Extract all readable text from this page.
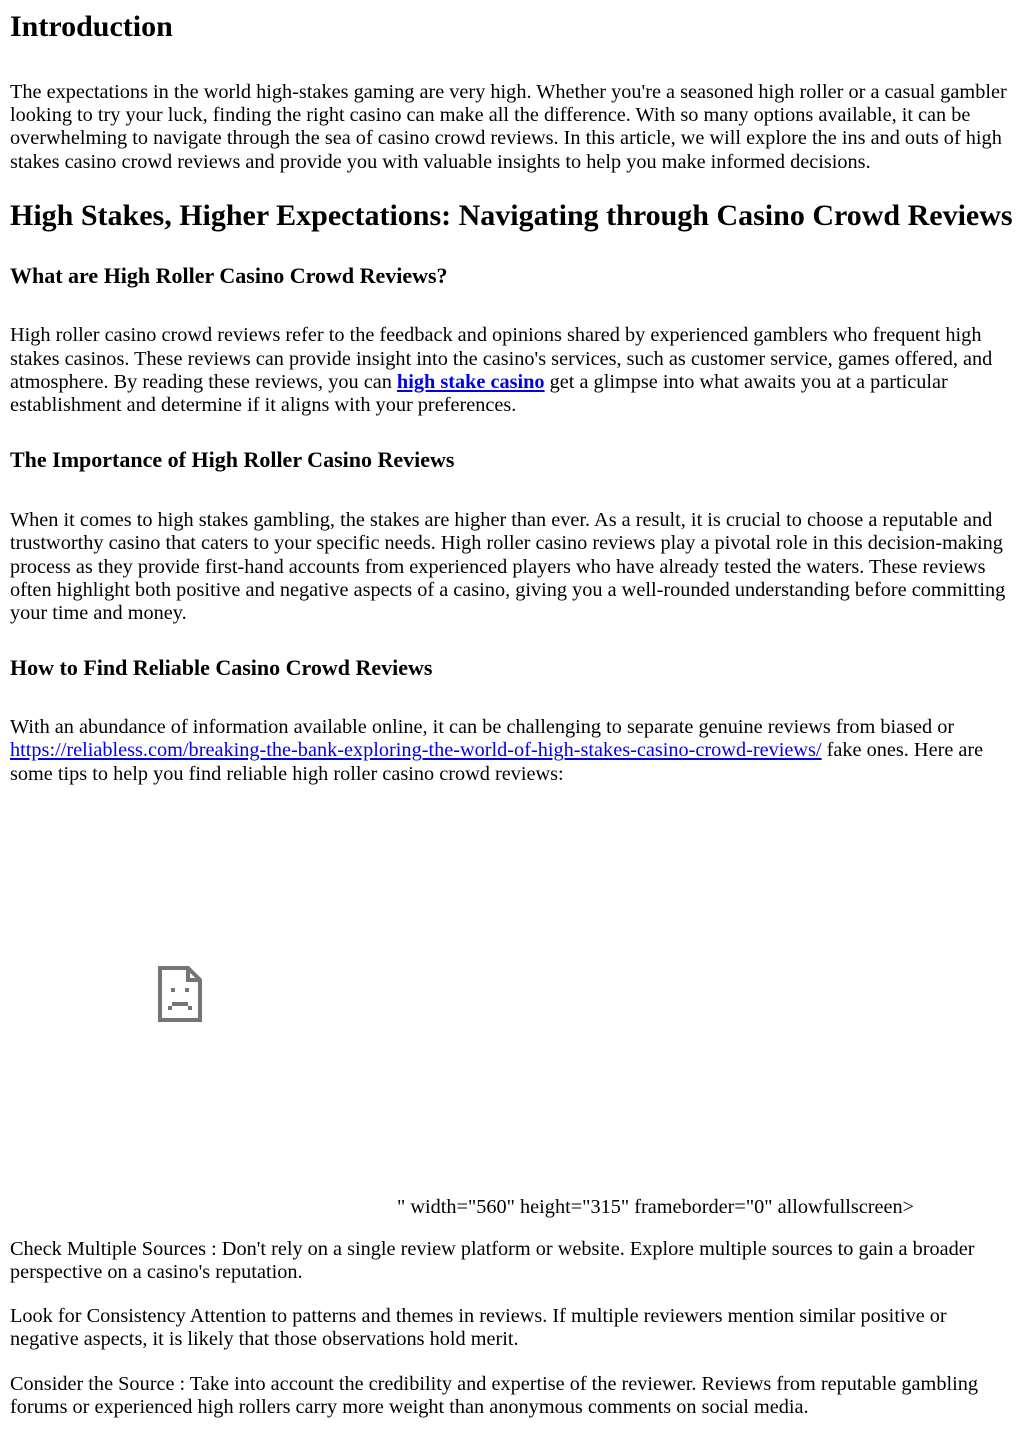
Introduction

The expectations in the world high-stakes gaming are very high. Whether you're a seasoned high roller or a casual gambler looking to try your luck, finding the right casino can make all the difference. With so many options available, it can be overwhelming to navigate through the sea of casino crowd reviews. In this article, we will explore the ins and outs of high stakes casino crowd reviews and provide you with valuable insights to help you make informed decisions.

High Stakes, Higher Expectations: Navigating through Casino Crowd Reviews
What are High Roller Casino Crowd Reviews?

High roller casino crowd reviews refer to the feedback and opinions shared by experienced gamblers who frequent high stakes casinos. These reviews can provide insight into the casino's services, such as customer service, games offered, and atmosphere. By reading these reviews, you can high stake casino get a glimpse into what awaits you at a particular establishment and determine if it aligns with your preferences.

The Importance of High Roller Casino Reviews

When it comes to high stakes gambling, the stakes are higher than ever. As a result, it is crucial to choose a reputable and trustworthy casino that caters to your specific needs. High roller casino reviews play a pivotal role in this decision-making process as they provide first-hand accounts from experienced players who have already tested the waters. These reviews often highlight both positive and negative aspects of a casino, giving you a well-rounded understanding before committing your time and money.

How to Find Reliable Casino Crowd Reviews

With an abundance of information available online, it can be challenging to separate genuine reviews from biased or https://reliabless.com/breaking-the-bank-exploring-the-world-of-high-stakes-casino-crowd-reviews/ fake ones. Here are some tips to help you find reliable high roller casino crowd reviews:

" width="560" height="315" frameborder="0" allowfullscreen>

Check Multiple Sources : Don't rely on a single review platform or website. Explore multiple sources to gain a broader perspective on a casino's reputation.

Look for Consistency Attention to patterns and themes in reviews. If multiple reviewers mention similar positive or negative aspects, it is likely that those observations hold merit.

Consider the Source : Take into account the credibility and expertise of the reviewer. Reviews from reputable gambling forums or experienced high rollers carry more weight than anonymous comments on social media.
